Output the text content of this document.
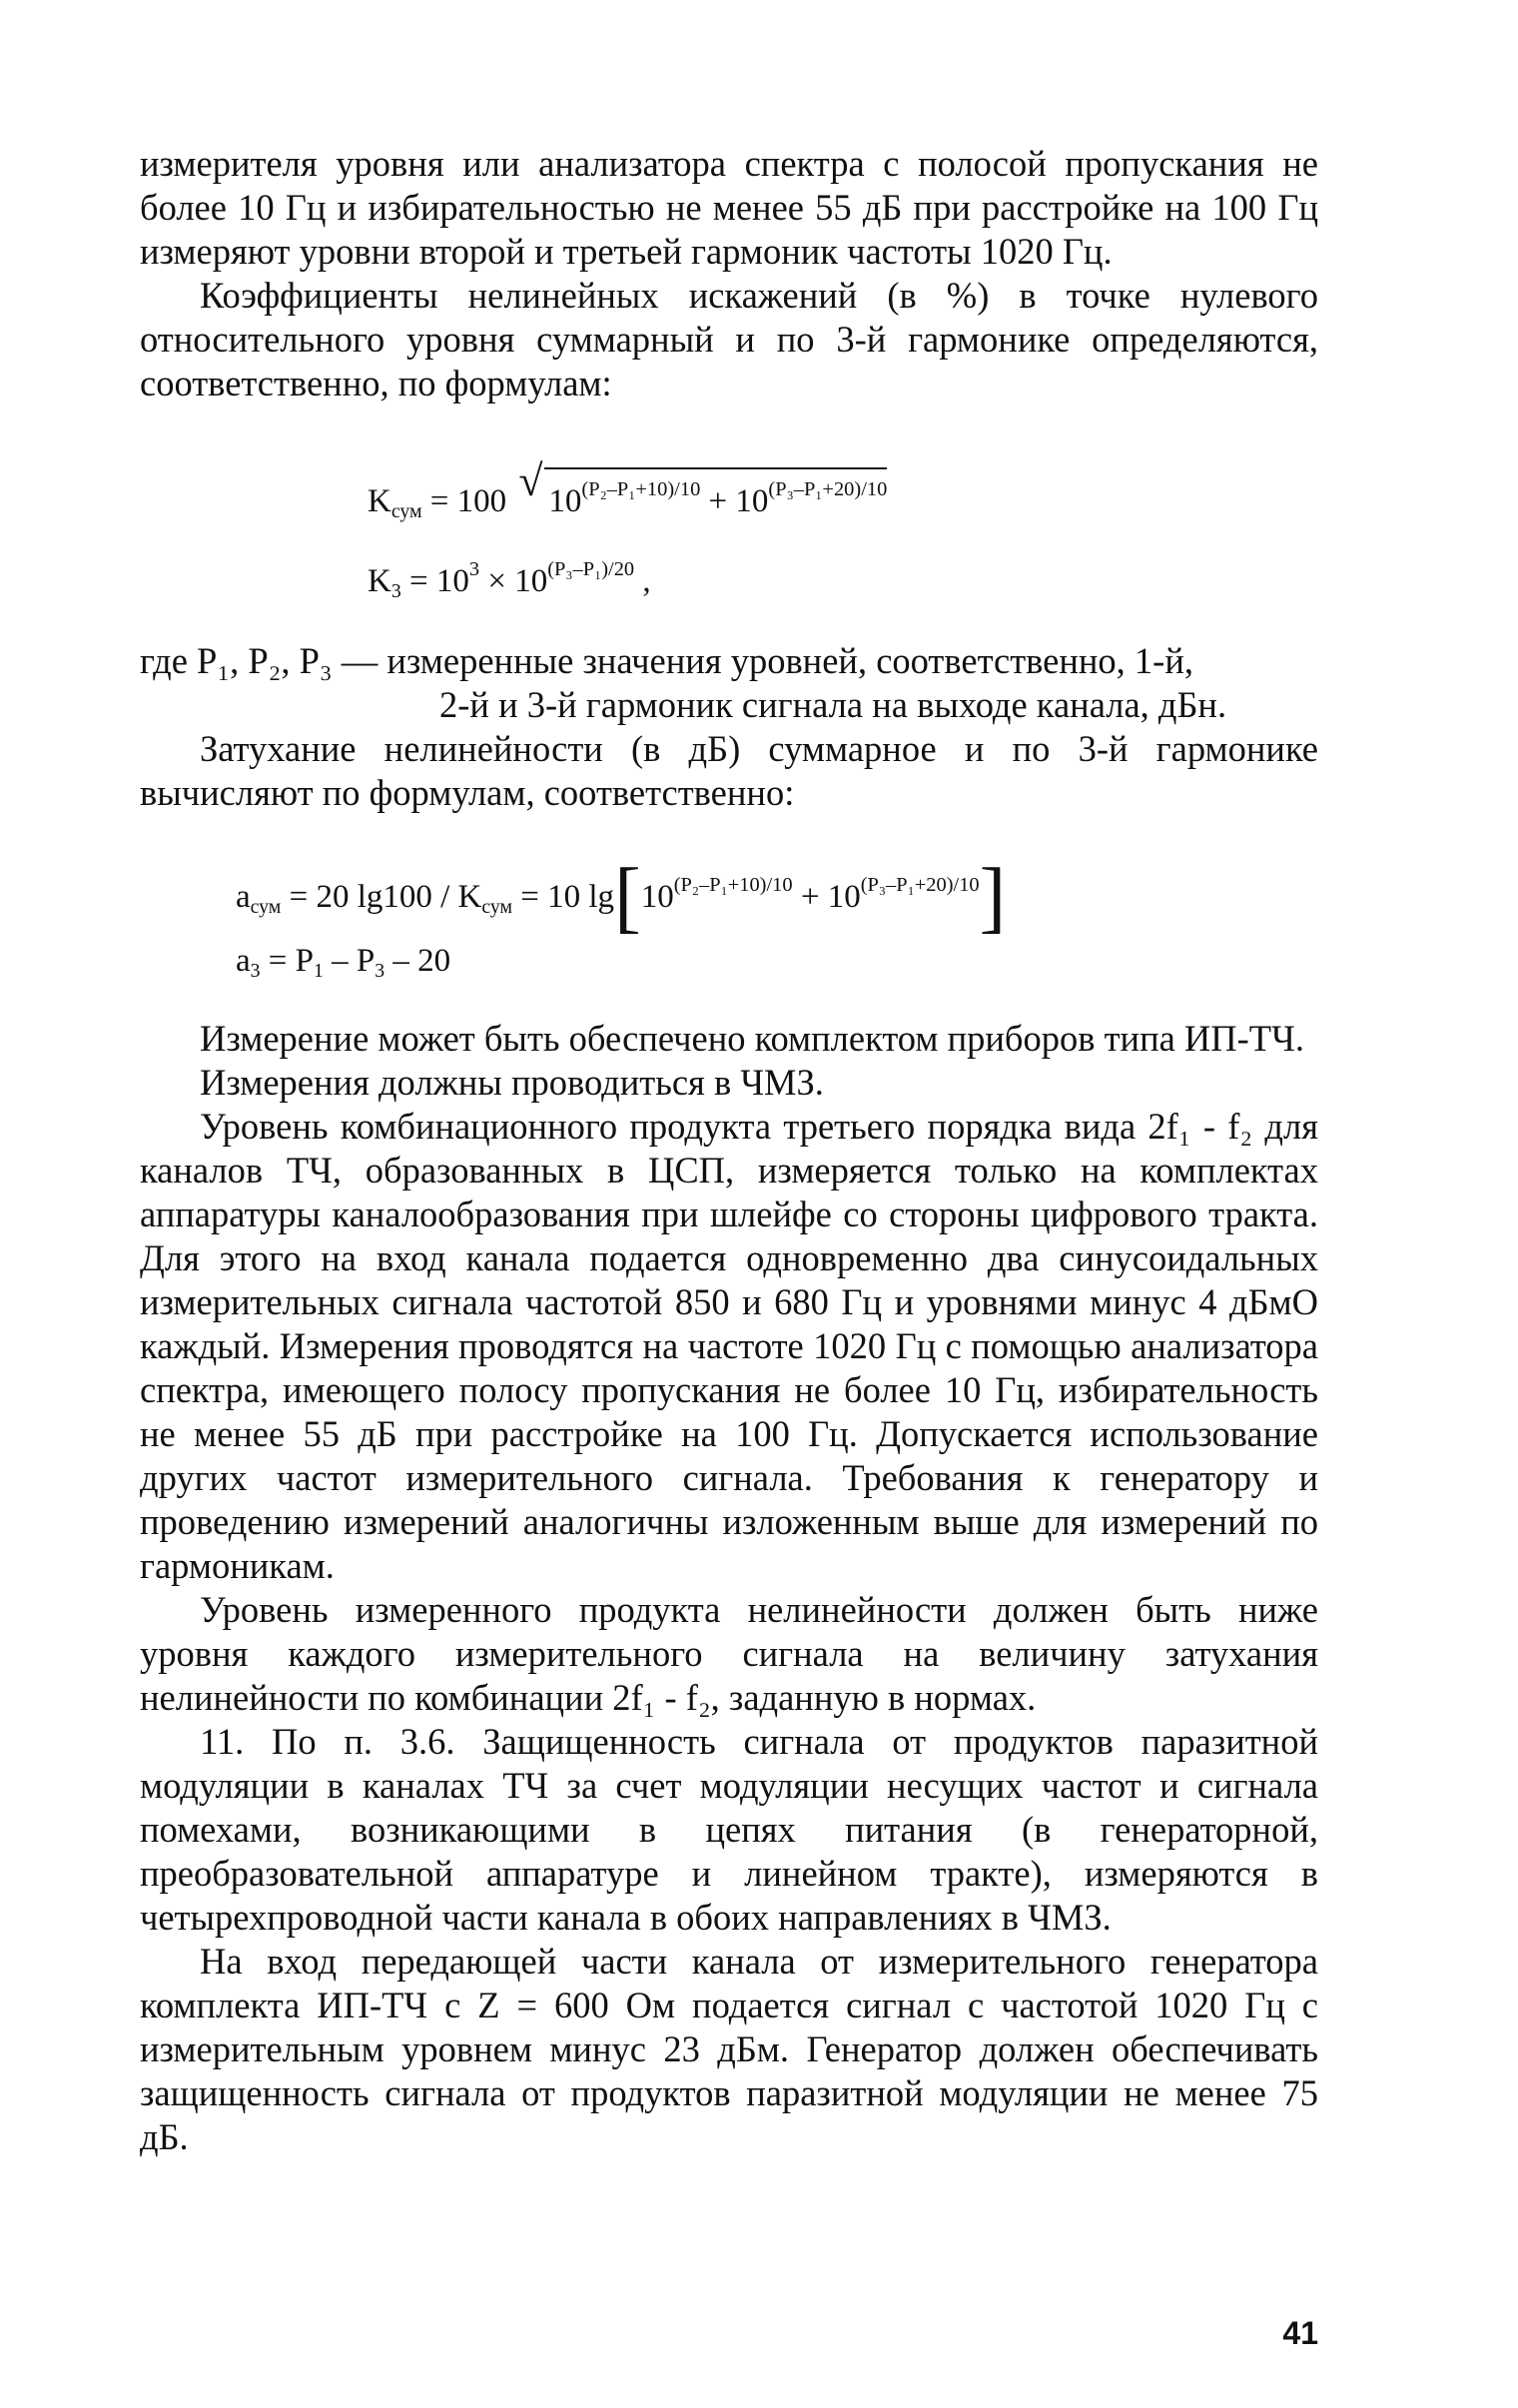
измерителя уровня или анализатора спектра с полосой пропускания не более 10 Гц и избирательностью не менее 55 дБ при расстройке на 100 Гц измеряют уровни второй и третьей гармоник частоты 1020 Гц.

Коэффициенты нелинейных искажений (в %) в точке нулевого относительного уровня суммарный и по 3-й гармонике определяются, соответственно, по формулам:

$K_{сум} = 100$ √ $10^{(P_2-P_1+10)/10} + 10^{(P_3-P_1+20)/10}$
$K_3 = 10^3 \times 10^{(P_3-P_1)/20}$ ,
где P₁, P₂, P₃ — измеренные значения уровней, соответственно, 1-й,
2-й и 3-й гармоник сигнала на выходе канала, дБн.

Затухание нелинейности (в дБ) суммарное и по 3-й гармонике вычисляют по формулам, соответственно:

$a_{сум} = 20$ $\lg 100 / K_{сум} = 10$ $\lg[10^{(P_2-P_1+10)/10} + 10^{(P_3-P_1+20)/10}]$
$a_3 = P_1 - P_3 - 20$

Измерение может быть обеспечено комплектом приборов типа ИП-ТЧ.

Измерения должны проводиться в ЧМЗ.

Уровень комбинационного продукта третьего порядка вида 2f₁ - f₂ для каналов ТЧ, образованных в ЦСП, измеряется только на комплектах аппаратуры каналообразования при шлейфе со стороны цифрового тракта. Для этого на вход канала подается одновременно два синусоидальных измерительных сигнала частотой 850 и 680 Гц и уровнями минус 4 дБмО каждый. Измерения проводятся на частоте 1020 Гц с помощью анализатора спектра, имеющего полосу пропускания не более 10 Гц, избирательность не менее 55 дБ при расстройке на 100 Гц. Допускается использование других частот измерительного сигнала. Требования к генератору и проведению измерений аналогичны изложенным выше для измерений по гармоникам.

Уровень измеренного продукта нелинейности должен быть ниже уровня каждого измерительного сигнала на величину затухания нелинейности по комбинации 2f₁ - f₂, заданную в нормах.

11. По п. 3.6. Защищенность сигнала от продуктов паразитной модуляции в каналах ТЧ за счет модуляции несущих частот и сигнала помехами, возникающими в цепях питания (в генераторной, преобразовательной аппаратуре и линейном тракте), измеряются в четырехпроводной части канала в обоих направлениях в ЧМЗ.

На вход передающей части канала от измерительного генератора комплекта ИП-ТЧ с Z = 600 Ом подается сигнал с частотой 1020 Гц с измерительным уровнем минус 23 дБм. Генератор должен обеспечивать защищенность сигнала от продуктов паразитной модуляции не менее 75 дБ.

41
